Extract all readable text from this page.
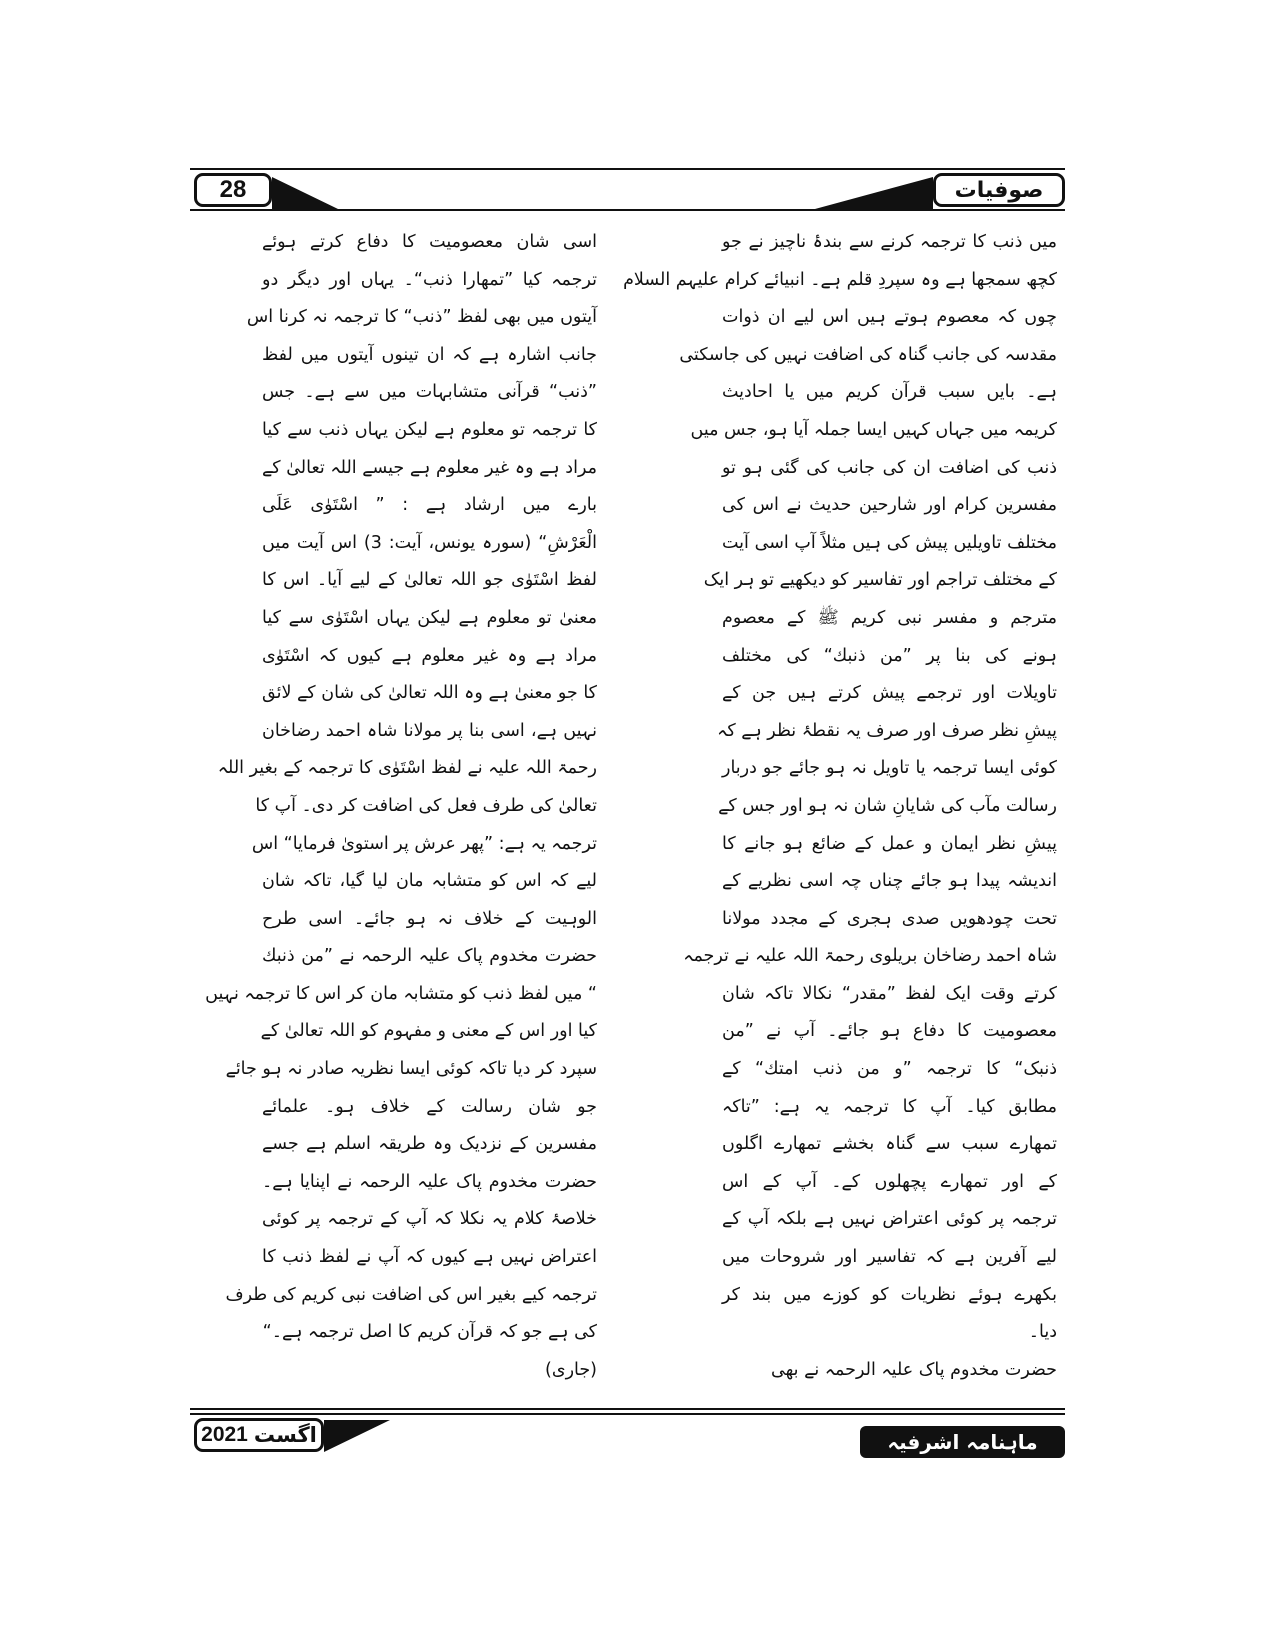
28	صوفیات
میں ذنب کا ترجمہ کرنے سے بندۂ ناچیز نے جو
کچھ سمجھا ہے وہ سپردِ قلم ہے۔ انبیائے کرام علیہم السلام
چوں کہ معصوم ہوتے ہیں اس لیے ان ذوات
مقدسہ کی جانب گناہ کی اضافت نہیں کی جاسکتی
ہے۔ بایں سبب قرآن کریم میں یا احادیث
کریمہ میں جہاں کہیں ایسا جملہ آیا ہو، جس میں
ذنب کی اضافت ان کی جانب کی گئی ہو تو
مفسرین کرام اور شارحین حدیث نے اس کی
مختلف تاویلیں پیش کی ہیں مثلاً آپ اسی آیت
کے مختلف تراجم اور تفاسیر کو دیکھیے تو ہر ایک
مترجم و مفسر نبی کریم ﷺ کے معصوم
ہونے کی بنا پر ”من ذنبك“ کی مختلف
تاویلات اور ترجمے پیش کرتے ہیں جن کے
پیشِ نظر صرف اور صرف یہ نقطۂ نظر ہے کہ
کوئی ایسا ترجمہ یا تاویل نہ ہو جائے جو دربار
رسالت مآب کی شایانِ شان نہ ہو اور جس کے
پیشِ نظر ایمان و عمل کے ضائع ہو جانے کا
اندیشہ پیدا ہو جائے چناں چہ اسی نظریے کے
تحت چودھویں صدی ہجری کے مجدد مولانا
شاہ احمد رضاخان بریلوی رحمۃ اللہ علیہ نے ترجمہ
کرتے وقت ایک لفظ ”مقدر“ نکالا تاکہ شان
معصومیت کا دفاع ہو جائے۔ آپ نے ”من
ذنبک“ کا ترجمہ ”و من ذنب امتك“ کے
مطابق کیا۔ آپ کا ترجمہ یہ ہے: ”تاکہ
تمھارے سبب سے گناہ بخشے تمھارے اگلوں
کے اور تمھارے پچھلوں کے۔ آپ کے اس
ترجمہ پر کوئی اعتراض نہیں ہے بلکہ آپ کے
لیے آفرین ہے کہ تفاسیر اور شروحات میں
بکھرے ہوئے نظریات کو کوزے میں بند کر
دیا۔
حضرت مخدوم پاک علیہ الرحمہ نے بھی
اسی شان معصومیت کا دفاع کرتے ہوئے
ترجمہ کیا ”تمھارا ذنب“۔ یہاں اور دیگر دو
آیتوں میں بھی لفظ ”ذنب“ کا ترجمہ نہ کرنا اس
جانب اشارہ ہے کہ ان تینوں آیتوں میں لفظ
”ذنب“ قرآنی متشابہات میں سے ہے۔ جس
کا ترجمہ تو معلوم ہے لیکن یہاں ذنب سے کیا
مراد ہے وہ غیر معلوم ہے جیسے اللہ تعالیٰ کے
بارے میں ارشاد ہے : ” اسْتَوٰی عَلَی
الْعَرْشِ“ (سورہ یونس، آیت: 3) اس آیت میں
لفظ اسْتَوٰی جو اللہ تعالیٰ کے لیے آیا۔ اس کا
معنیٰ تو معلوم ہے لیکن یہاں اسْتَوٰی سے کیا
مراد ہے وہ غیر معلوم ہے کیوں کہ اسْتَوٰی
کا جو معنیٰ ہے وہ اللہ تعالیٰ کی شان کے لائق
نہیں ہے، اسی بنا پر مولانا شاہ احمد رضاخان
رحمۃ اللہ علیہ نے لفظ اسْتَوٰی کا ترجمہ کے بغیر اللہ
تعالیٰ کی طرف فعل کی اضافت کر دی۔ آپ کا
ترجمہ یہ ہے: ”پھر عرش پر استویٰ فرمایا“ اس
لیے کہ اس کو متشابہ مان لیا گیا، تاکہ شان
الوہیت کے خلاف نہ ہو جائے۔ اسی طرح
حضرت مخدوم پاک علیہ الرحمہ نے ”من ذنبك
“ میں لفظ ذنب کو متشابہ مان کر اس کا ترجمہ نہیں
کیا اور اس کے معنی و مفہوم کو اللہ تعالیٰ کے
سپرد کر دیا تاکہ کوئی ایسا نظریہ صادر نہ ہو جائے
جو شان رسالت کے خلاف ہو۔ علمائے
مفسرین کے نزدیک وہ طریقہ اسلم ہے جسے
حضرت مخدوم پاک علیہ الرحمہ نے اپنایا ہے۔
خلاصۂ کلام یہ نکلا کہ آپ کے ترجمہ پر کوئی
اعتراض نہیں ہے کیوں کہ آپ نے لفظ ذنب کا
ترجمہ کیے بغیر اس کی اضافت نبی کریم کی طرف
کی ہے جو کہ قرآن کریم کا اصل ترجمہ ہے۔“
(جاری)
اگست
2021	ماہنامہ اشرفیہ
